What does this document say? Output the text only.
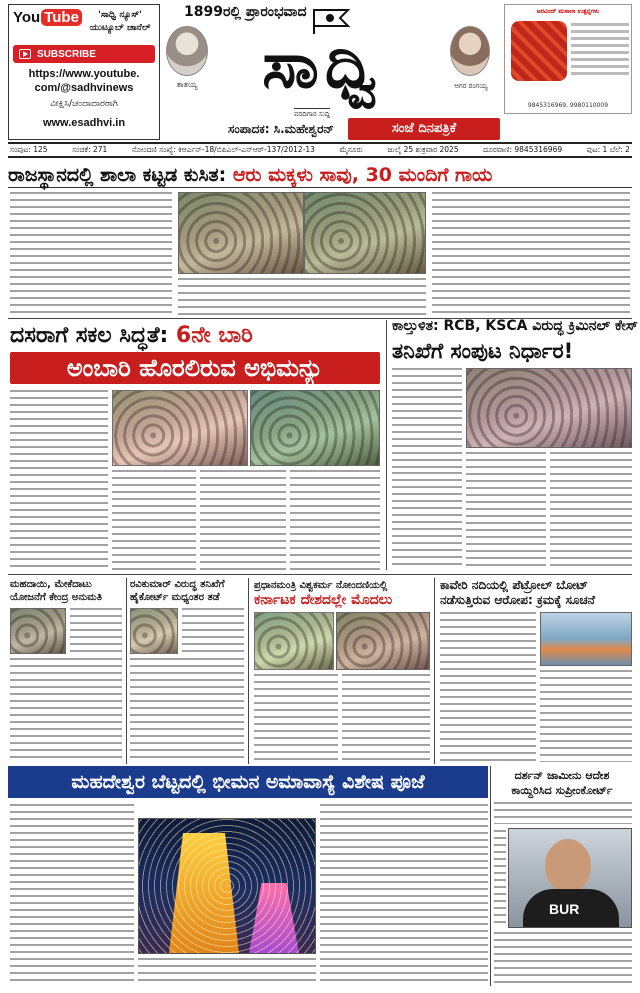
You Tube	'ಸಾಧ್ವಿ ನ್ಯೂಸ್' ಯುಟ್ಯೂಬ್ ಚಾನೆಲ್
SUBSCRIBE
https://www.youtube.
com/@sadhvinews
ವೀಕ್ಷಿಸಿ/ಚಂದಾದಾರರಾಗಿ
www.esadhvi.in
1899ರಲ್ಲಿ ಪ್ರಾರಂಭವಾದ
ತಾತಯ್ಯ	ಸಾಧ್ವಿ
ವರದಿಗಾರ ಸುದ್ದಿ
ಆಗರ ರಂಗಯ್ಯ
ಸಂಪಾದಕ: ಸಿ.ಮಹೇಶ್ವರನ್	ಸಂಜೆ ದಿನಪತ್ರಿಕೆ
ಅರವಿಂದ್ ಮಸಾಲಾ ಉತ್ಪನ್ನಗಳು
9845316969, 9980110009
ಸಂಪುಟ: 125	ಸಂಚಿಕೆ: 271	ನೋಂದಣಿ ಸಂಖ್ಯೆ: ಕಿಆರ್ಎನ್-18/ಬಿಪಿಎಲ್-ಎನ್ಆರ್-137/2012-13	ಮೈಸೂರು	ಜುಲೈ 25 ಶುಕ್ರವಾರ 2025	ದೂರವಾಣಿ: 9845316969	ಪುಟ: 1 ಬೆಲೆ: 2
ರಾಜಸ್ಥಾನದಲ್ಲಿ ಶಾಲಾ ಕಟ್ಟಡ ಕುಸಿತ: ಆರು ಮಕ್ಕಳು ಸಾವು, 30 ಮಂದಿಗೆ ಗಾಯ
ದಸರಾಗೆ ಸಕಲ ಸಿದ್ಧತೆ: 6ನೇ ಬಾರಿ
ಅಂಬಾರಿ ಹೊರಲಿರುವ ಅಭಿಮನ್ಯು
ಕಾಲ್ತುಳಿತ: RCB, KSCA ವಿರುದ್ಧ ಕ್ರಿಮಿನಲ್ ಕೇಸ್
ತನಿಖೆಗೆ ಸಂಪುಟ ನಿರ್ಧಾರ!
ಮಹದಾಯಿ, ಮೇಕೆದಾಟು ಯೋಜನೆಗೆ ಕೇಂದ್ರ ಅನುಮತಿ
ರವಿಕುಮಾರ್ ವಿರುದ್ಧ ತನಿಖೆಗೆ ಹೈಕೋರ್ಟ್ ಮಧ್ಯಂತರ ತಡೆ
ಪ್ರಧಾನಮಂತ್ರಿ ವಿಶ್ವಕರ್ಮ ನೋಂದಣಿಯಲ್ಲಿ
ಕರ್ನಾಟಕ ದೇಶದಲ್ಲೇ ಮೊದಲು
ಕಾವೇರಿ ನದಿಯಲ್ಲಿ ಪೆಟ್ರೋಲ್ ಬೋಟ್
ನಡೆಸುತ್ತಿರುವ ಆರೋಪ: ಕ್ರಮಕ್ಕೆ ಸೂಚನೆ
ಮಹದೇಶ್ವರ ಬೆಟ್ಟದಲ್ಲಿ ಭೀಮನ ಅಮಾವಾಸ್ಯೆ ವಿಶೇಷ ಪೂಜೆ	ದರ್ಶನ್ ಜಾಮೀನು ಆದೇಶ
ಕಾಯ್ದಿರಿಸಿದ ಸುಪ್ರೀಂಕೋರ್ಟ್
BUR
